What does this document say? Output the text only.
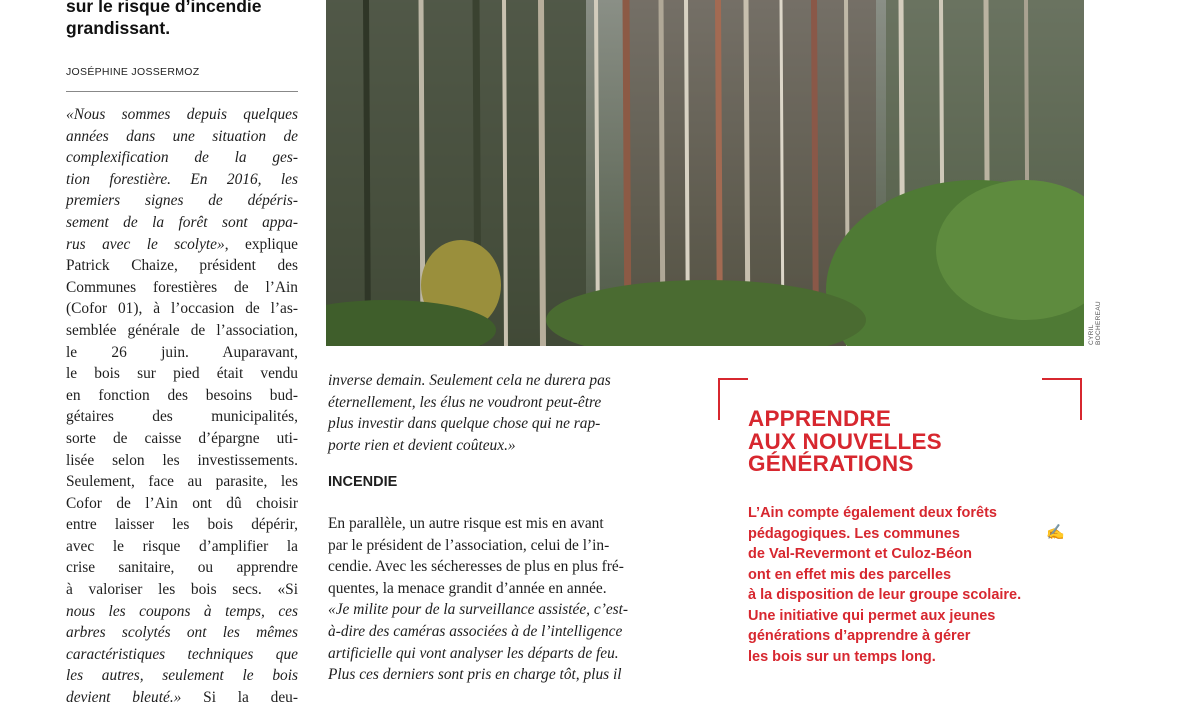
sur le risque d’incendie
grandissant.
JOSÉPHINE JOSSERMOZ
«Nous sommes depuis quelques
années dans une situation de
complexification de la ges-
tion forestière. En 2016, les
premiers signes de dépéris-
sement de la forêt sont appa-
rus avec le scolyte», explique
Patrick Chaize, président des
Communes forestières de l’Ain
(Cofor 01), à l’occasion de l’as-
semblée générale de l’association,
le 26 juin. Auparavant,
le bois sur pied était vendu
en fonction des besoins bud-
gétaires des municipalités,
sorte de caisse d’épargne uti-
lisée selon les investissements.
Seulement, face au parasite, les
Cofor de l’Ain ont dû choisir
entre laisser les bois dépérir,
avec le risque d’amplifier la
crise sanitaire, ou apprendre
à valoriser les bois secs. «Si
nous les coupons à temps, ces
arbres scolytés ont les mêmes
caractéristiques techniques que
les autres, seulement le bois
devient bleuté.» Si la deu-
CYRIL BOCHEREAU
inverse demain. Seulement cela ne durera pas
éternellement, les élus ne voudront peut-être
plus investir dans quelque chose qui ne rap-
porte rien et devient coûteux.»
INCENDIE
En parallèle, un autre risque est mis en avant
par le président de l’association, celui de l’in-
cendie. Avec les sécheresses de plus en plus fré-
quentes, la menace grandit d’année en année.
«Je milite pour de la surveillance assistée, c’est-
à-dire des caméras associées à de l’intelligence
artificielle qui vont analyser les départs de feu.
Plus ces derniers sont pris en charge tôt, plus il
APPRENDRE
AUX NOUVELLES
GÉNÉRATIONS
L’Ain compte également deux forêts
pédagogiques. Les communes
de Val-Revermont et Culoz-Béon
ont en effet mis des parcelles
à la disposition de leur groupe scolaire.
Une initiative qui permet aux jeunes
générations d’apprendre à gérer
les bois sur un temps long.
✍
